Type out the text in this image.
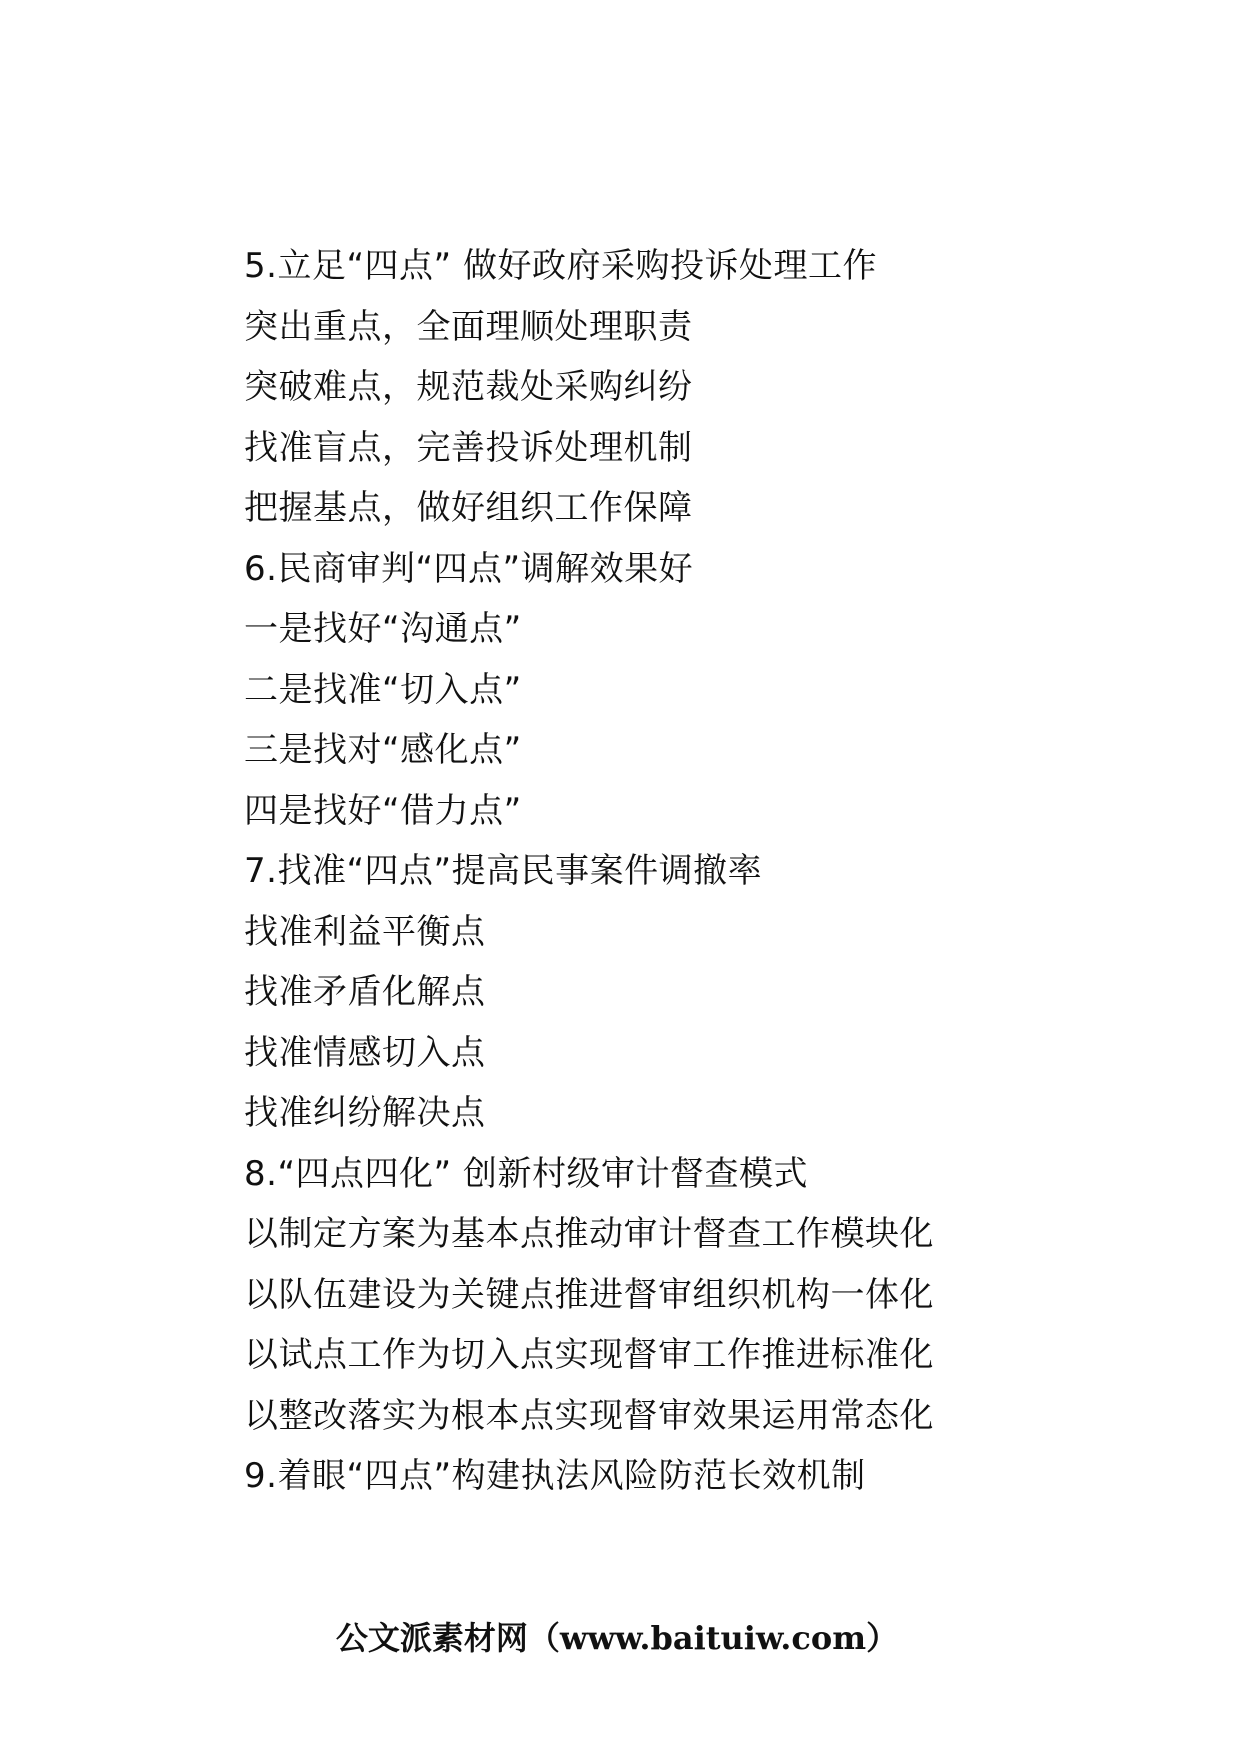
5.立足“四点” 做好政府采购投诉处理工作
突出重点，全面理顺处理职责
突破难点，规范裁处采购纠纷
找准盲点，完善投诉处理机制
把握基点，做好组织工作保障
6.民商审判“四点”调解效果好
一是找好“沟通点”
二是找准“切入点”
三是找对“感化点”
四是找好“借力点”
7.找准“四点”提高民事案件调撤率
找准利益平衡点
找准矛盾化解点
找准情感切入点
找准纠纷解决点
8.“四点四化” 创新村级审计督查模式
以制定方案为基本点推动审计督查工作模块化
以队伍建设为关键点推进督审组织机构一体化
以试点工作为切入点实现督审工作推进标准化
以整改落实为根本点实现督审效果运用常态化
9.着眼“四点”构建执法风险防范长效机制
公文派素材网（www.baituiw.com）
